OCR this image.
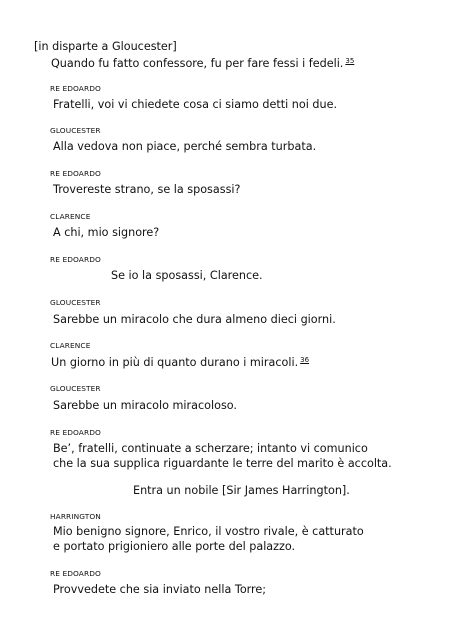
[in disparte a Gloucester]
Quando fu fatto confessore, fu per fare fessi i fedeli. $^{35}$
RE EDOARDO
Fratelli, voi vi chiedete cosa ci siamo detti noi due.
GLOUCESTER
Alla vedova non piace, perché sembra turbata.
RE EDOARDO
Trovereste strano, se la sposassi?
CLARENCE
A chi, mio signore?
RE EDOARDO
Se io la sposassi, Clarence.
GLOUCESTER
Sarebbe un miracolo che dura almeno dieci giorni.
CLARENCE
Un giorno in più di quanto durano i miracoli. $^{36}$
GLOUCESTER
Sarebbe un miracolo miracoloso.
RE EDOARDO
Be’, fratelli, continuate a scherzare; intanto vi comunico
che la sua supplica riguardante le terre del marito è accolta.
Entra un nobile [Sir James Harrington].
HARRINGTON
Mio benigno signore, Enrico, il vostro rivale, è catturato
e portato prigioniero alle porte del palazzo.
RE EDOARDO
Provvedete che sia inviato nella Torre;
